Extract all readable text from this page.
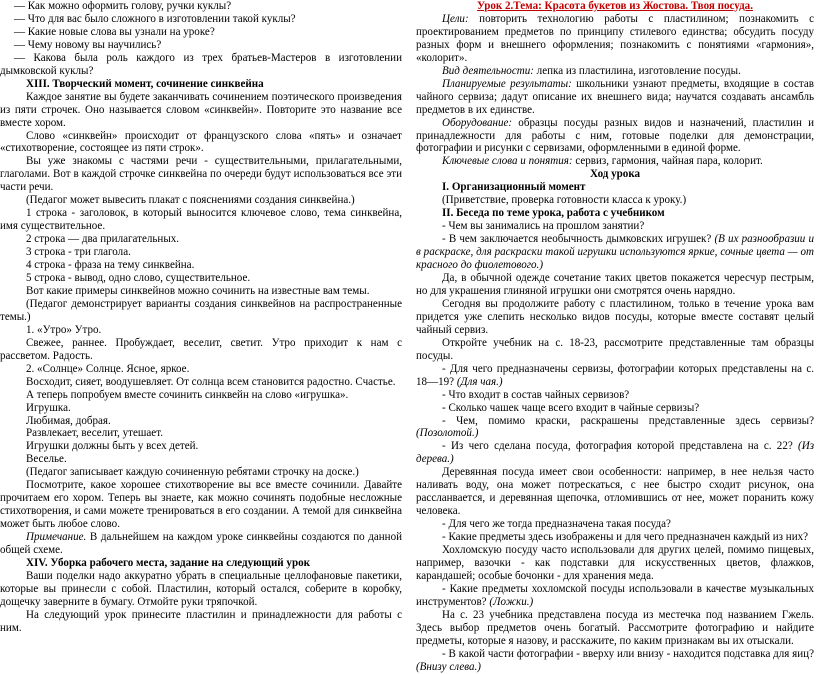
— Как можно оформить голову, ручки куклы?

— Что для вас было сложного в изготовлении такой куклы?

— Какие новые слова вы узнали на уроке?

— Чему новому вы научились?

— Какова была роль каждого из трех братьев-Мастеров в изготовлении дымковской куклы?

XIII. Творческий момент, сочинение синквейна

Каждое занятие вы будете заканчивать сочинением поэтического произведения из пяти строчек. Оно называется словом «синквейн». Повторите это название все вместе хором.

Слово «синквейн» происходит от французского слова «пять» и означает «стихотворение, состоящее из пяти строк».

Вы уже знакомы с частями речи - существительными, прилагательными, глаголами. Вот в каждой строчке синквейна по очереди будут использоваться все эти части речи.

(Педагог может вывесить плакат с пояснениями создания синквейна.)

1 строка - заголовок, в который выносится ключевое слово, тема синквейна, имя существительное.

2 строка — два прилагательных.

3 строка - три глагола.

4 строка - фраза на тему синквейна.

5 строка - вывод, одно слово, существительное.

Вот какие примеры синквейнов можно сочинить на известные вам темы.

(Педагог демонстрирует варианты создания синквейнов на распространенные темы.)

1. «Утро» Утро.

Свежее, раннее. Пробуждает, веселит, светит. Утро приходит к нам с рассветом. Радость.

2. «Солнце» Солнце. Ясное, яркое.

Восходит, сияет, воодушевляет. От солнца всем становится радостно. Счастье.

А теперь попробуем вместе сочинить синквейн на слово «игрушка».

Игрушка.

Любимая, добрая.

Развлекает, веселит, утешает.

Игрушки должны быть у всех детей.

Веселье.

(Педагог записывает каждую сочиненную ребятами строчку на доске.)

Посмотрите, какое хорошее стихотворение вы все вместе сочинили. Давайте прочитаем его хором. Теперь вы знаете, как можно сочинять подобные несложные стихотворения, и сами можете тренироваться в его создании. А темой для синквейна может быть любое слово.

Примечание. В дальнейшем на каждом уроке синквейны создаются по данной общей схеме.

XIV. Уборка рабочего места, задание на следующий урок

Ваши поделки надо аккуратно убрать в специальные целлофановые пакетики, которые вы принесли с собой. Пластилин, который остался, соберите в коробку, дощечку заверните в бумагу. Отмойте руки тряпочкой.

На следующий урок принесите пластилин и принадлежности для работы с ним.

Урок 2.Тема: Красота букетов из Жостова. Твоя посуда.

Цели: повторить технологию работы с пластилином; познакомить с проектированием предметов по принципу стилевого единства; обсудить посуду разных форм и внешнего оформления; познакомить с понятиями «гармония», «колорит».

Вид деятельности: лепка из пластилина, изготовление посуды.

Планируемые результаты: школьники узнают предметы, входящие в состав чайного сервиза; дадут описание их внешнего вида; научатся создавать ансамбль предметов в их единстве.

Оборудование: образцы посуды разных видов и назначений, пластилин и принадлежности для работы с ним, готовые поделки для демонстрации, фотографии и рисунки с сервизами, оформленными в единой форме.

Ключевые слова и понятия: сервиз, гармония, чайная пара, колорит.

Ход урока

I. Организационный момент

(Приветствие, проверка готовности класса к уроку.)

II. Беседа по теме урока, работа с учебником

- Чем вы занимались на прошлом занятии?

- В чем заключается необычность дымковских игрушек? (В их разнообразии и в раскраске, для раскраски такой игрушки используются яркие, сочные цвета — от красного до фиолетового.)

Да, в обычной одежде сочетание таких цветов покажется чересчур пестрым, но для украшения глиняной игрушки они смотрятся очень нарядно.

Сегодня вы продолжите работу с пластилином, только в течение урока вам придется уже слепить несколько видов посуды, которые вместе составят целый чайный сервиз.

Откройте учебник на с. 18-23, рассмотрите представленные там образцы посуды.

- Для чего предназначены сервизы, фотографии которых представлены на с. 18—19? (Для чая.)

- Что входит в состав чайных сервизов?

- Сколько чашек чаще всего входит в чайные сервизы?

- Чем, помимо краски, раскрашены представленные здесь сервизы? (Позолотой.)

- Из чего сделана посуда, фотография которой представлена на с. 22? (Из дерева.)

Деревянная посуда имеет свои особенности: например, в нее нельзя часто наливать воду, она может потрескаться, с нее быстро сходит рисунок, она рассланвается, и деревянная щепочка, отломившись от нее, может поранить кожу человека.

- Для чего же тогда предназначена такая посуда?

- Какие предметы здесь изображены и для чего предназначен каждый из них?

Хохломскую посуду часто использовали для других целей, помимо пищевых, например, вазочки - как подставки для искусственных цветов, флажков, карандашей; особые бочонки - для хранения меда.

- Какие предметы хохломской посуды использовали в качестве музыкальных инструментов? (Ложки.)

На с. 23 учебника представлена посуда из местечка под названием Гжель. Здесь выбор предметов очень богатый. Рассмотрите фотографию и найдите предметы, которые я назову, и расскажите, по каким признакам вы их отыскали.

- В какой части фотографии - вверху или внизу - находится подставка для яиц? (Внизу слева.)
